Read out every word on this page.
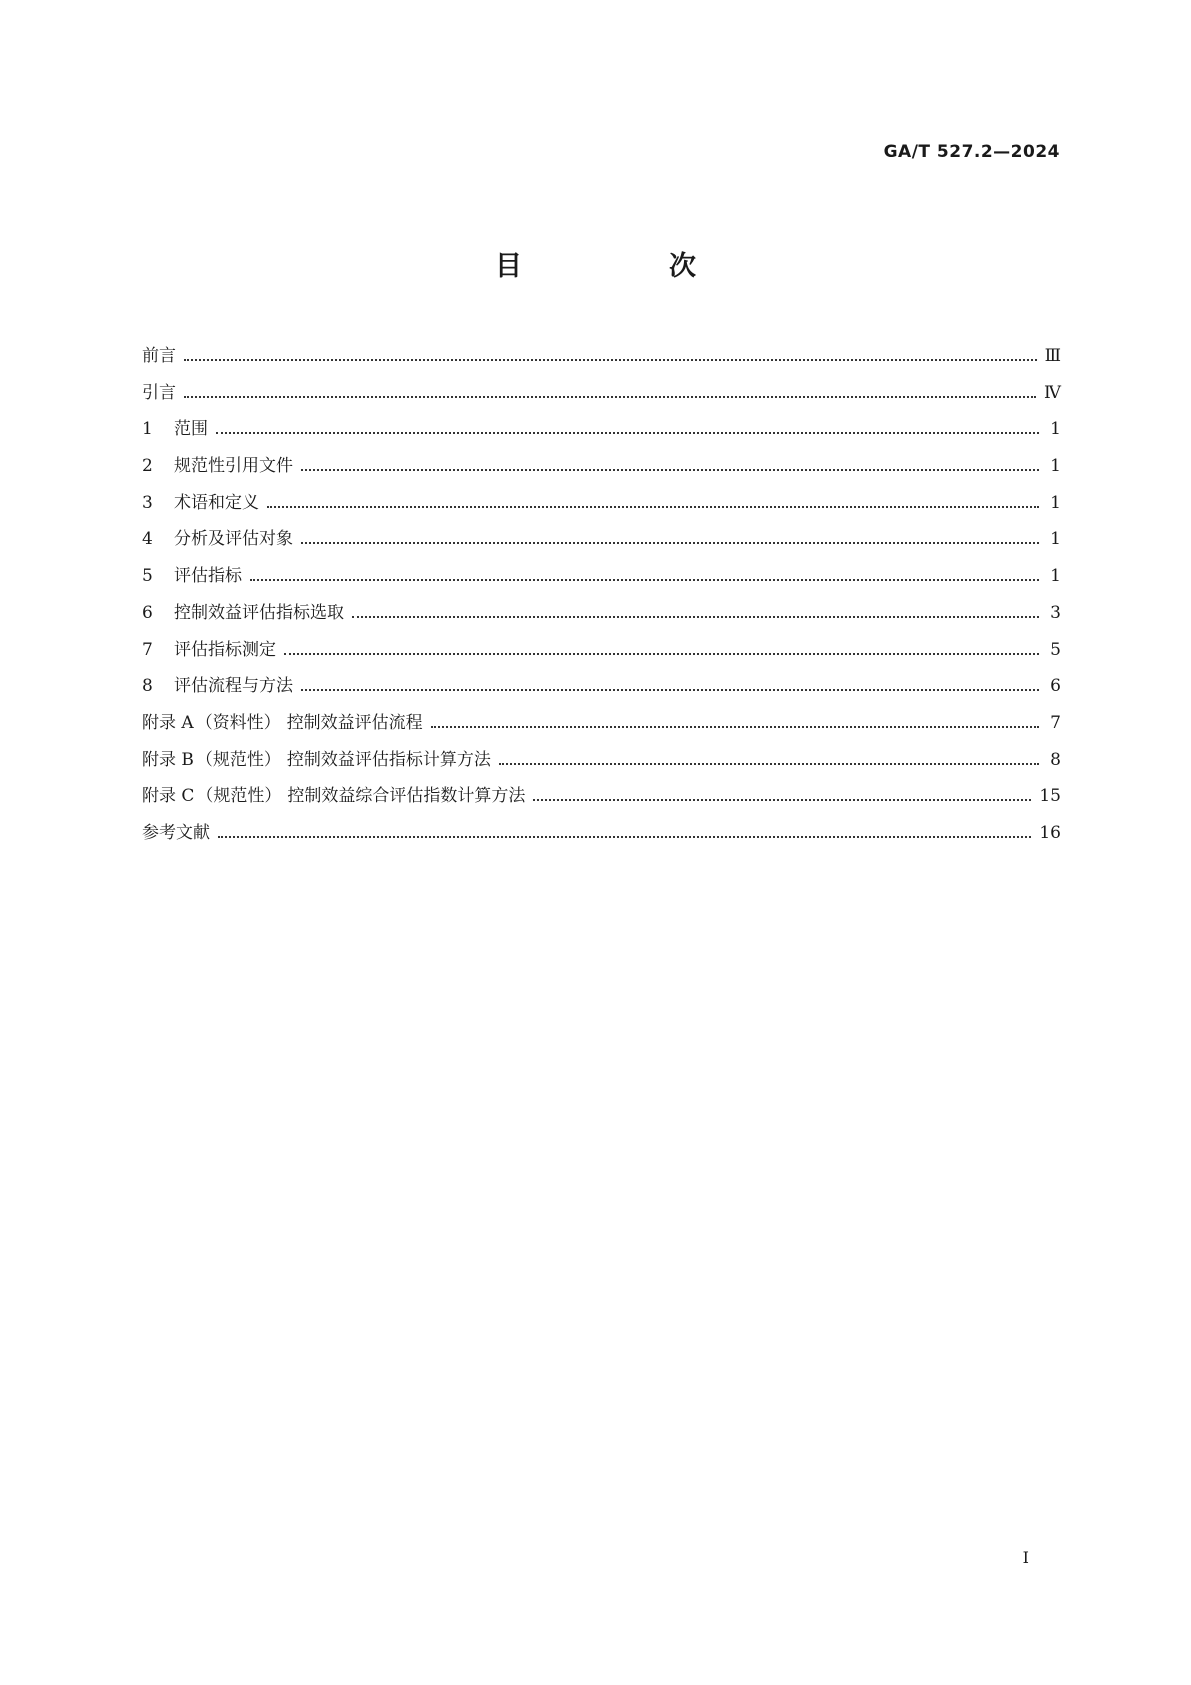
GA/T 527.2—2024
目　次
前言	Ⅲ
引言	Ⅳ
1	范围	1
2	规范性引用文件	1
3	术语和定义	1
4	分析及评估对象	1
5	评估指标	1
6	控制效益评估指标选取	3
7	评估指标测定	5
8	评估流程与方法	6
附录 A （资料性） 控制效益评估流程	7
附录 B （规范性） 控制效益评估指标计算方法	8
附录 C （规范性） 控制效益综合评估指数计算方法	15
参考文献	16
Ⅰ
